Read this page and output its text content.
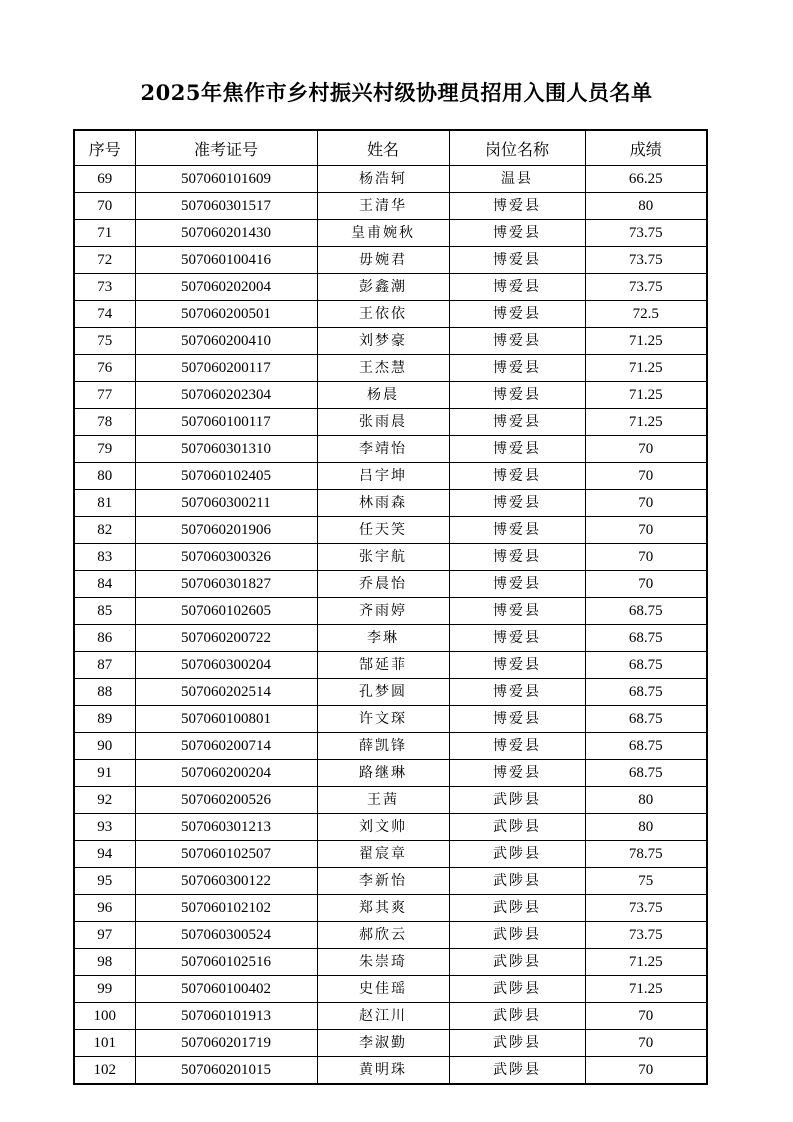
2025年焦作市乡村振兴村级协理员招用入围人员名单
序号	准考证号	姓名	岗位名称	成绩
69	507060101609	杨浩轲	温县	66.25
70	507060301517	王清华	博爱县	80
71	507060201430	皇甫婉秋	博爱县	73.75
72	507060100416	毋婉君	博爱县	73.75
73	507060202004	彭鑫潮	博爱县	73.75
74	507060200501	王依依	博爱县	72.5
75	507060200410	刘梦豪	博爱县	71.25
76	507060200117	王杰慧	博爱县	71.25
77	507060202304	杨晨	博爱县	71.25
78	507060100117	张雨晨	博爱县	71.25
79	507060301310	李靖怡	博爱县	70
80	507060102405	吕宇坤	博爱县	70
81	507060300211	林雨森	博爱县	70
82	507060201906	任天笑	博爱县	70
83	507060300326	张宇航	博爱县	70
84	507060301827	乔晨怡	博爱县	70
85	507060102605	齐雨婷	博爱县	68.75
86	507060200722	李琳	博爱县	68.75
87	507060300204	郜延菲	博爱县	68.75
88	507060202514	孔梦圆	博爱县	68.75
89	507060100801	许文琛	博爱县	68.75
90	507060200714	薛凯锋	博爱县	68.75
91	507060200204	路继琳	博爱县	68.75
92	507060200526	王茜	武陟县	80
93	507060301213	刘文帅	武陟县	80
94	507060102507	翟宸章	武陟县	78.75
95	507060300122	李新怡	武陟县	75
96	507060102102	郑其爽	武陟县	73.75
97	507060300524	郝欣云	武陟县	73.75
98	507060102516	朱崇琦	武陟县	71.25
99	507060100402	史佳瑶	武陟县	71.25
100	507060101913	赵江川	武陟县	70
101	507060201719	李淑勤	武陟县	70
102	507060201015	黄明珠	武陟县	70
